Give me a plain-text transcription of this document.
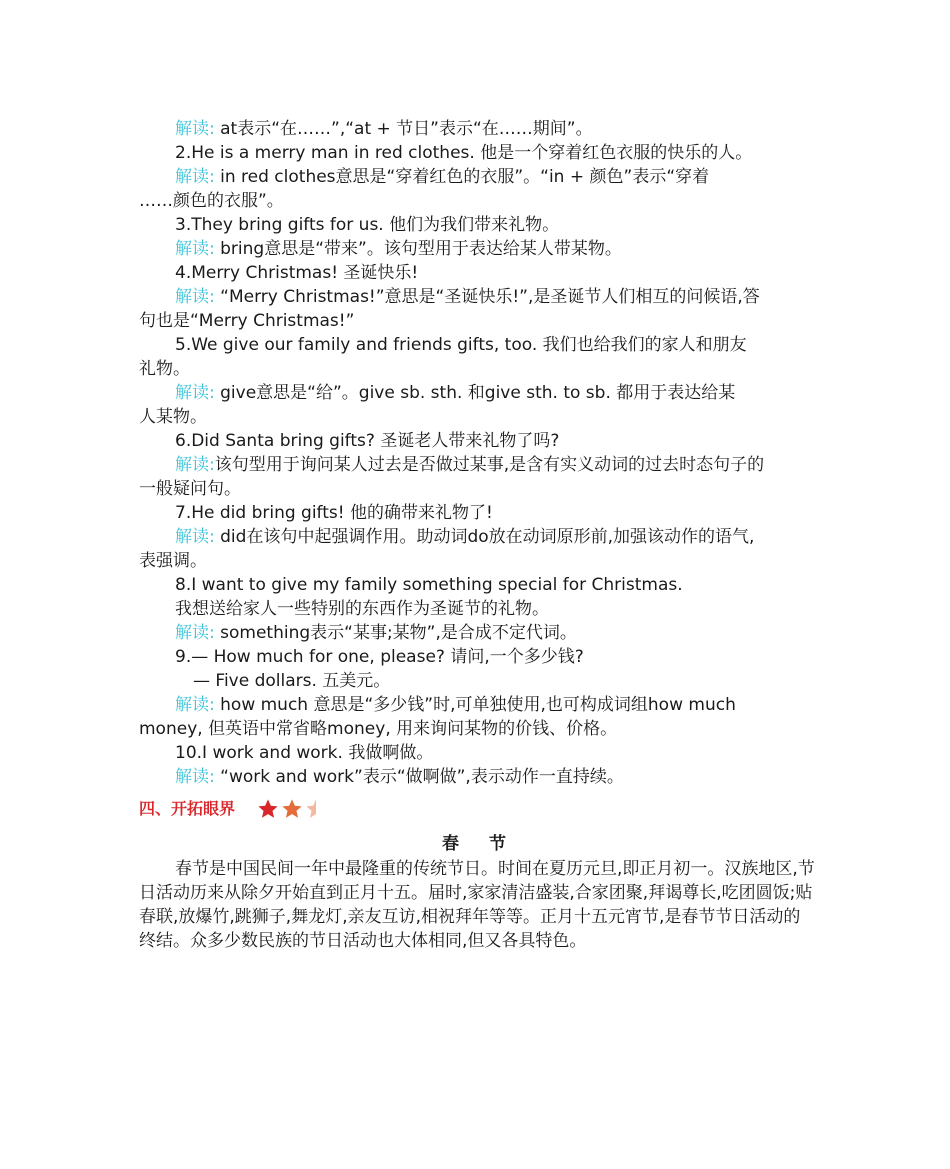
解读: at表示“在……”,“at + 节日”表示“在……期间”。

2.He is a merry man in red clothes. 他是一个穿着红色衣服的快乐的人。

解读: in red clothes意思是“穿着红色的衣服”。“in + 颜色”表示“穿着

……颜色的衣服”。

3.They bring gifts for us. 他们为我们带来礼物。

解读: bring意思是“带来”。该句型用于表达给某人带某物。

4.Merry Christmas! 圣诞快乐!

解读: “Merry Christmas!”意思是“圣诞快乐!”,是圣诞节人们相互的问候语,答

句也是“Merry Christmas!”

5.We give our family and friends gifts, too. 我们也给我们的家人和朋友

礼物。

解读: give意思是“给”。give sb. sth. 和give sth. to sb. 都用于表达给某

人某物。

6.Did Santa bring gifts? 圣诞老人带来礼物了吗?

解读:该句型用于询问某人过去是否做过某事,是含有实义动词的过去时态句子的

一般疑问句。

7.He did bring gifts! 他的确带来礼物了!

解读: did在该句中起强调作用。助动词do放在动词原形前,加强该动作的语气,

表强调。

8.I want to give my family something special for Christmas.

我想送给家人一些特别的东西作为圣诞节的礼物。

解读: something表示“某事;某物”,是合成不定代词。

9.— How much for one, please? 请问,一个多少钱?

— Five dollars. 五美元。

解读: how much 意思是“多少钱”时,可单独使用,也可构成词组how much

money, 但英语中常省略money, 用来询问某物的价钱、价格。

10.I work and work. 我做啊做。

解读: “work and work”表示“做啊做”,表示动作一直持续。

四、开拓眼界
春节

春节是中国民间一年中最隆重的传统节日。时间在夏历元旦,即正月初一。汉族地区,节日活动历来从除夕开始直到正月十五。届时,家家清洁盛装,合家团聚,拜谒尊长,吃团圆饭;贴春联,放爆竹,跳狮子,舞龙灯,亲友互访,相祝拜年等等。正月十五元宵节,是春节节日活动的终结。众多少数民族的节日活动也大体相同,但又各具特色。
